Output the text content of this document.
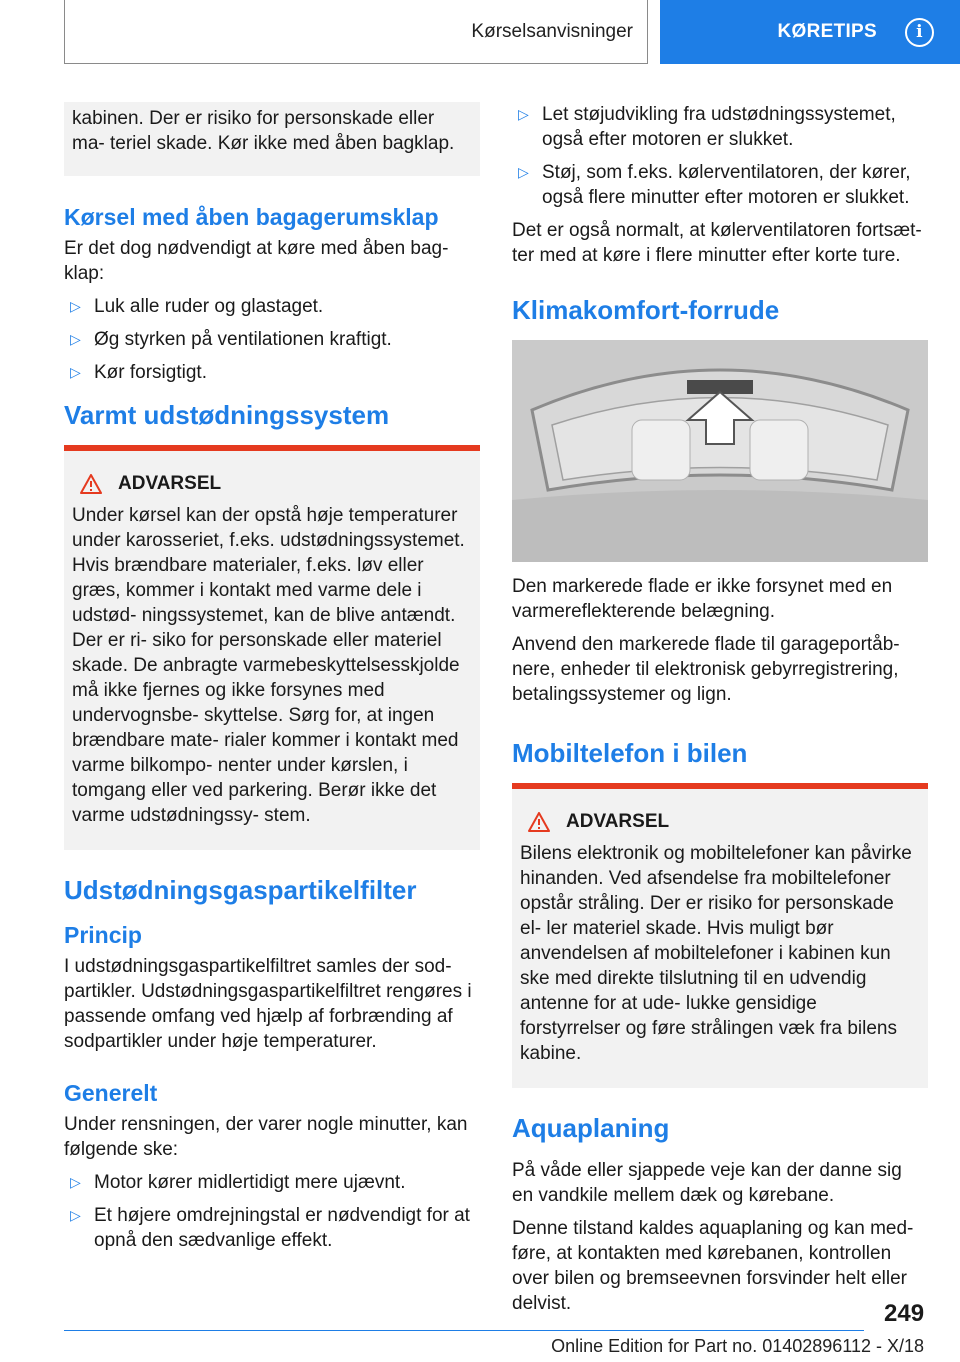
Kørselsanvisninger	KØRETIPS	i

kabinen. Der er risiko for personskade eller ma- teriel skade. Kør ikke med åben bagklap.

Kørsel med åben bagagerumsklap

Er det dog nødvendigt at køre med åben bag- klap:

▷ Luk alle ruder og glastaget.
▷ Øg styrken på ventilationen kraftigt.
▷ Kør forsigtigt.
Varmt udstødningssystem
ADVARSEL

Under kørsel kan der opstå høje temperaturer under karosseriet, f.eks. udstødningssystemet. Hvis brændbare materialer, f.eks. løv eller græs, kommer i kontakt med varme dele i udstød- ningssystemet, kan de blive antændt. Der er ri- siko for personskade eller materiel skade. De anbragte varmebeskyttelsesskjolde må ikke fjernes og ikke forsynes med undervognsbe- skyttelse. Sørg for, at ingen brændbare mate- rialer kommer i kontakt med varme bilkompo- nenter under kørslen, i tomgang eller ved parkering. Berør ikke det varme udstødningssy- stem.

Udstødningsgaspartikelfilter
Princip

I udstødningsgaspartikelfiltret samles der sod- partikler. Udstødningsgaspartikelfiltret rengøres i passende omfang ved hjælp af forbrænding af sodpartikler under høje temperaturer.

Generelt

Under rensningen, der varer nogle minutter, kan følgende ske:

▷ Motor kører midlertidigt mere ujævnt.
▷ Et højere omdrejningstal er nødvendigt for at opnå den sædvanlige effekt.
▷ Let støjudvikling fra udstødningssystemet, også efter motoren er slukket.
▷ Støj, som f.eks. kølerventilatoren, der kører, også flere minutter efter motoren er slukket.

Det er også normalt, at kølerventilatoren fortsæt- ter med at køre i flere minutter efter korte ture.

Klimakomfort-forrude

Den markerede flade er ikke forsynet med en varmereflekterende belægning.

Anvend den markerede flade til garageportåb- nere, enheder til elektronisk gebyrregistrering, betalingssystemer og lign.

Mobiltelefon i bilen
ADVARSEL

Bilens elektronik og mobiltelefoner kan påvirke hinanden. Ved afsendelse fra mobiltelefoner opstår stråling. Der er risiko for personskade el- ler materiel skade. Hvis muligt bør anvendelsen af mobiltelefoner i kabinen kun ske med direkte tilslutning til en udvendig antenne for at ude- lukke gensidige forstyrrelser og føre strålingen væk fra bilens kabine.

Aquaplaning

På våde eller sjappede veje kan der danne sig en vandkile mellem dæk og kørebane.

Denne tilstand kaldes aquaplaning og kan med- føre, at kontakten med kørebanen, kontrollen over bilen og bremseevnen forsvinder helt eller delvist.	249
Online Edition for Part no. 01402896112 - X/18
